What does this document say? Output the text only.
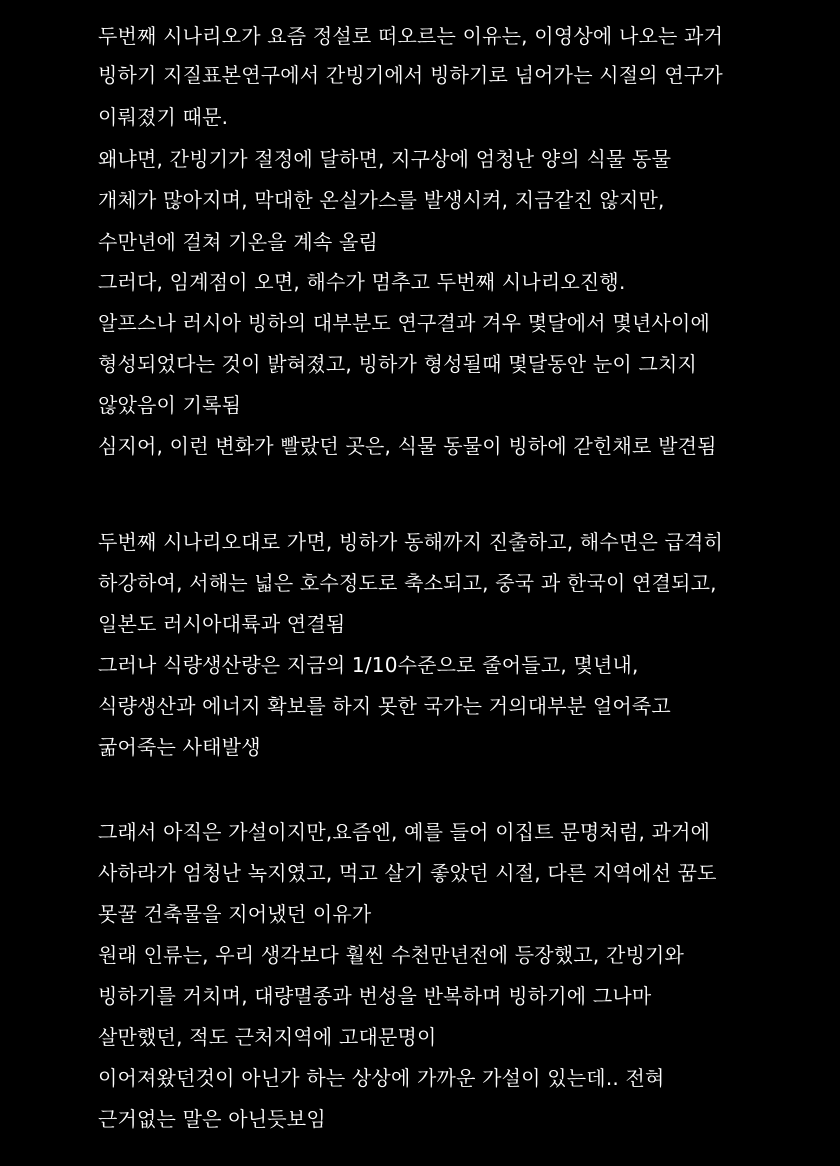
두번째 시나리오가 요즘 정설로 떠오르는 이유는, 이영상에 나오는 과거
빙하기 지질표본연구에서 간빙기에서 빙하기로 넘어가는 시절의 연구가
이뤄졌기 때문.
왜냐면, 간빙기가 절정에 달하면, 지구상에 엄청난 양의 식물 동물
개체가 많아지며, 막대한 온실가스를 발생시켜, 지금같진 않지만,
수만년에 걸쳐 기온을 계속 올림
그러다, 임계점이 오면, 해수가 멈추고 두번째 시나리오진행.
알프스나 러시아 빙하의 대부분도 연구결과 겨우 몇달에서 몇년사이에
형성되었다는 것이 밝혀졌고, 빙하가 형성될때 몇달동안 눈이 그치지
않았음이 기록됨
심지어, 이런 변화가 빨랐던 곳은, 식물 동물이 빙하에 갇힌채로 발견됨
두번째 시나리오대로 가면, 빙하가 동해까지 진출하고, 해수면은 급격히
하강하여, 서해는 넓은 호수정도로 축소되고, 중국 과 한국이 연결되고,
일본도 러시아대륙과 연결됨
그러나 식량생산량은 지금의 1/10수준으로 줄어들고, 몇년내,
식량생산과 에너지 확보를 하지 못한 국가는 거의대부분 얼어죽고
굶어죽는 사태발생
그래서 아직은 가설이지만,요즘엔, 예를 들어 이집트 문명처럼, 과거에
사하라가 엄청난 녹지였고, 먹고 살기 좋았던 시절, 다른 지역에선 꿈도
못꿀 건축물을 지어냈던 이유가
원래 인류는, 우리 생각보다 훨씬 수천만년전에 등장했고, 간빙기와
빙하기를 거치며, 대량멸종과 번성을 반복하며 빙하기에 그나마
살만했던, 적도 근처지역에 고대문명이
이어져왔던것이 아닌가 하는 상상에 가까운 가설이 있는데.. 전혀
근거없는 말은 아닌듯보임
